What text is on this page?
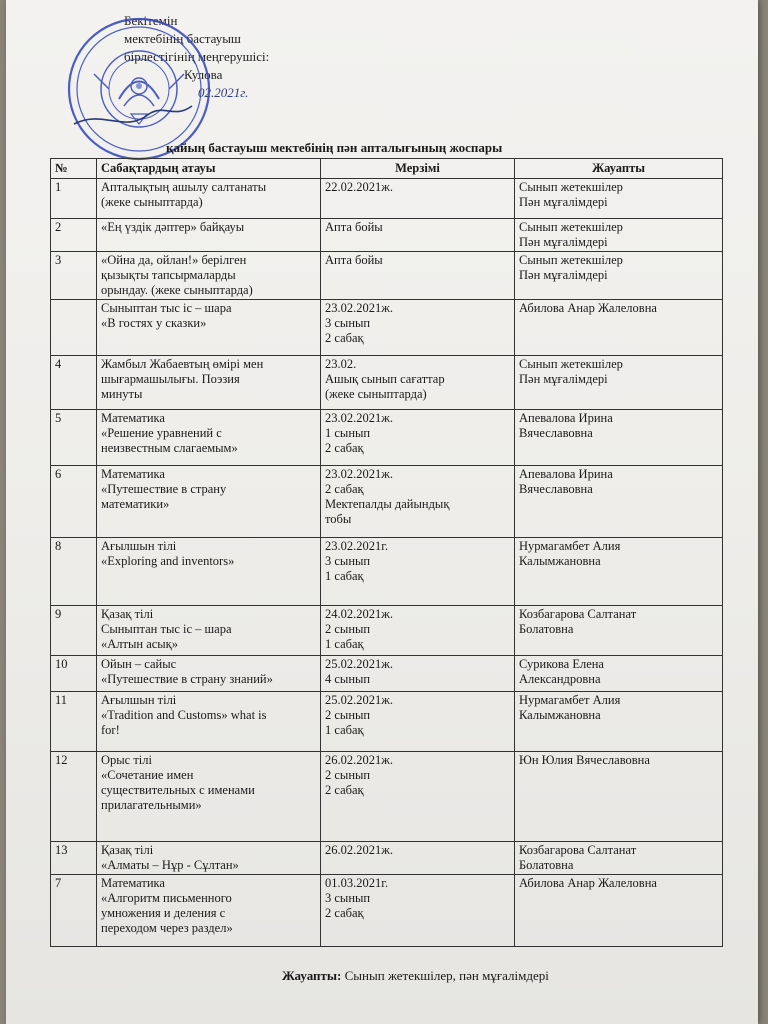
Бекітемін
мектебінің бастауыш
бірлестігінің меңгерушісі:
Кулова
02.2021г.
қайың бастауыш мектебінің пән апталығының жоспары
№	Сабақтардың атауы	Мерзімі	Жауапты
1	Апталықтың ашылу салтанаты
(жеке сыныптарда)	22.02.2021ж.	Сынып жетекшілер
Пән мұғалімдері

2	«Ең үздік дәптер» байқауы	Апта бойы	Сынып жетекшілер
Пән мұғалімдері

3	«Ойна да, ойлан!» берілген
қызықты тапсырмаларды
орындау. (жеке сыныптарда)	Апта бойы	Сынып жетекшілер
Пән мұғалімдері

	Сыныптан тыс іс – шара
«В гостях у сказки»	23.02.2021ж.
3 сынып
2 сабақ	Абилова Анар Жалеловна

4	Жамбыл Жабаевтың өмірі мен
шығармашылығы. Поэзия
минуты	23.02.
Ашық сынып сағаттар
(жеке сыныптарда)	Сынып жетекшілер
Пән мұғалімдері

5	Математика
«Решение уравнений с
неизвестным слагаемым»	23.02.2021ж.
1 сынып
2 сабақ	Апевалова Ирина
Вячеславовна

6	Математика
«Путешествие в страну
математики»	23.02.2021ж.
2 сабақ
Мектепалды дайындық
тобы	Апевалова Ирина
Вячеславовна

8	Ағылшын тілі
«Exploring and inventors»	23.02.2021г.
3 сынып
1 сабақ	Нурмагамбет Алия
Калымжановна

9	Қазақ тілі
Сыныптан тыс іс – шара
«Алтын асық»	24.02.2021ж.
2 сынып
1 сабақ	Козбагарова Салтанат
Болатовна

10	Ойын – сайыс
«Путешествие в страну знаний»	25.02.2021ж.
4 сынып	Сурикова Елена
Александровна

11	Ағылшын тілі
«Tradition and Customs» what is
for!	25.02.2021ж.
2 сынып
1 сабақ	Нурмагамбет Алия
Калымжановна

12	Орыс тілі
«Сочетание имен
существительных с именами
прилагательными»	26.02.2021ж.
2 сынып
2 сабақ	Юн Юлия Вячеславовна

13	Қазақ тілі
«Алматы – Нұр - Сұлтан»	26.02.2021ж.	Козбагарова Салтанат
Болатовна

7	Математика
«Алгоритм письменного
умножения и деления с
переходом через раздел»	01.03.2021г.
3 сынып
2 сабақ	Абилова Анар Жалеловна
Жауапты: Сынып жетекшілер, пән мұғалімдері
